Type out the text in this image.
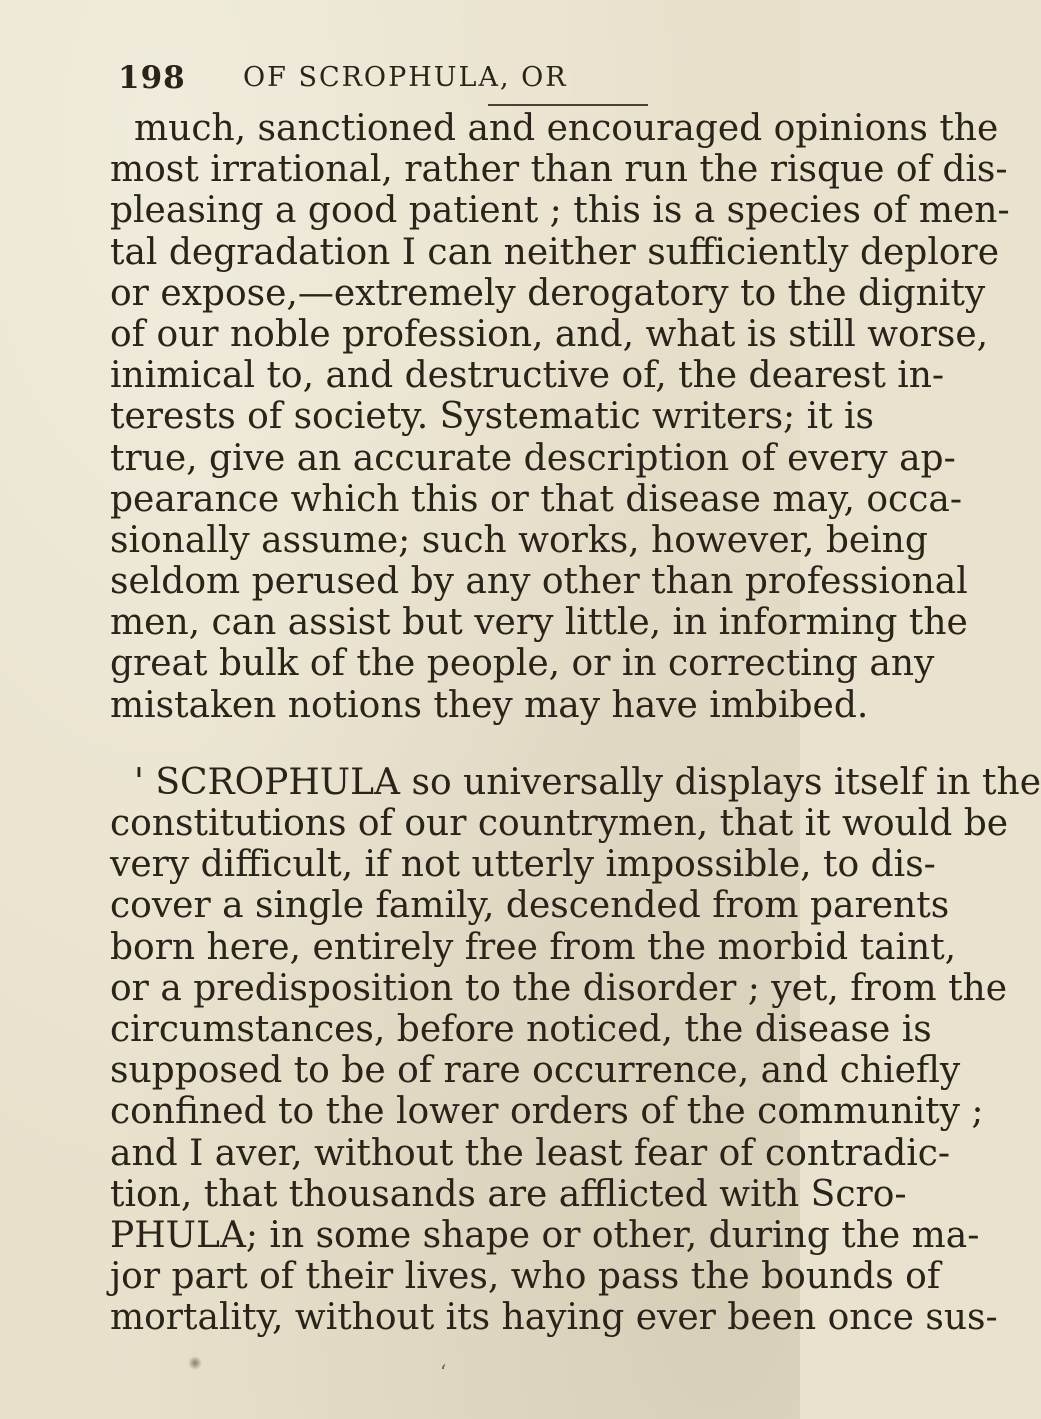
198 OF SCROPHULA, OR
much, sanctioned and encouraged opinions the
most irrational, rather than run the risque of dis-
pleasing a good patient ; this is a species of men-
tal degradation I can neither sufficiently deplore
or expose,—extremely derogatory to the dignity
of our noble profession, and, what is still worse,
inimical to, and destructive of, the dearest in-
terests of society. Systematic writers; it is
true, give an accurate description of every ap-
pearance which this or that disease may, occa-
sionally assume; such works, however, being
seldom perused by any other than professional
men, can assist but very little, in informing the
great bulk of the people, or in correcting any
mistaken notions they may have imbibed.
' SCROPHULA so universally displays itself in the
constitutions of our countrymen, that it would be
very difficult, if not utterly impossible, to dis-
cover a single family, descended from parents
born here, entirely free from the morbid taint,
or a predisposition to the disorder ; yet, from the
circumstances, before noticed, the disease is
supposed to be of rare occurrence, and chiefly
confined to the lower orders of the community ;
and I aver, without the least fear of contradic-
tion, that thousands are afflicted with Scro-
PHULA; in some shape or other, during the ma-
jor part of their lives, who pass the bounds of
mortality, without its haying ever been once sus-
ʻ
